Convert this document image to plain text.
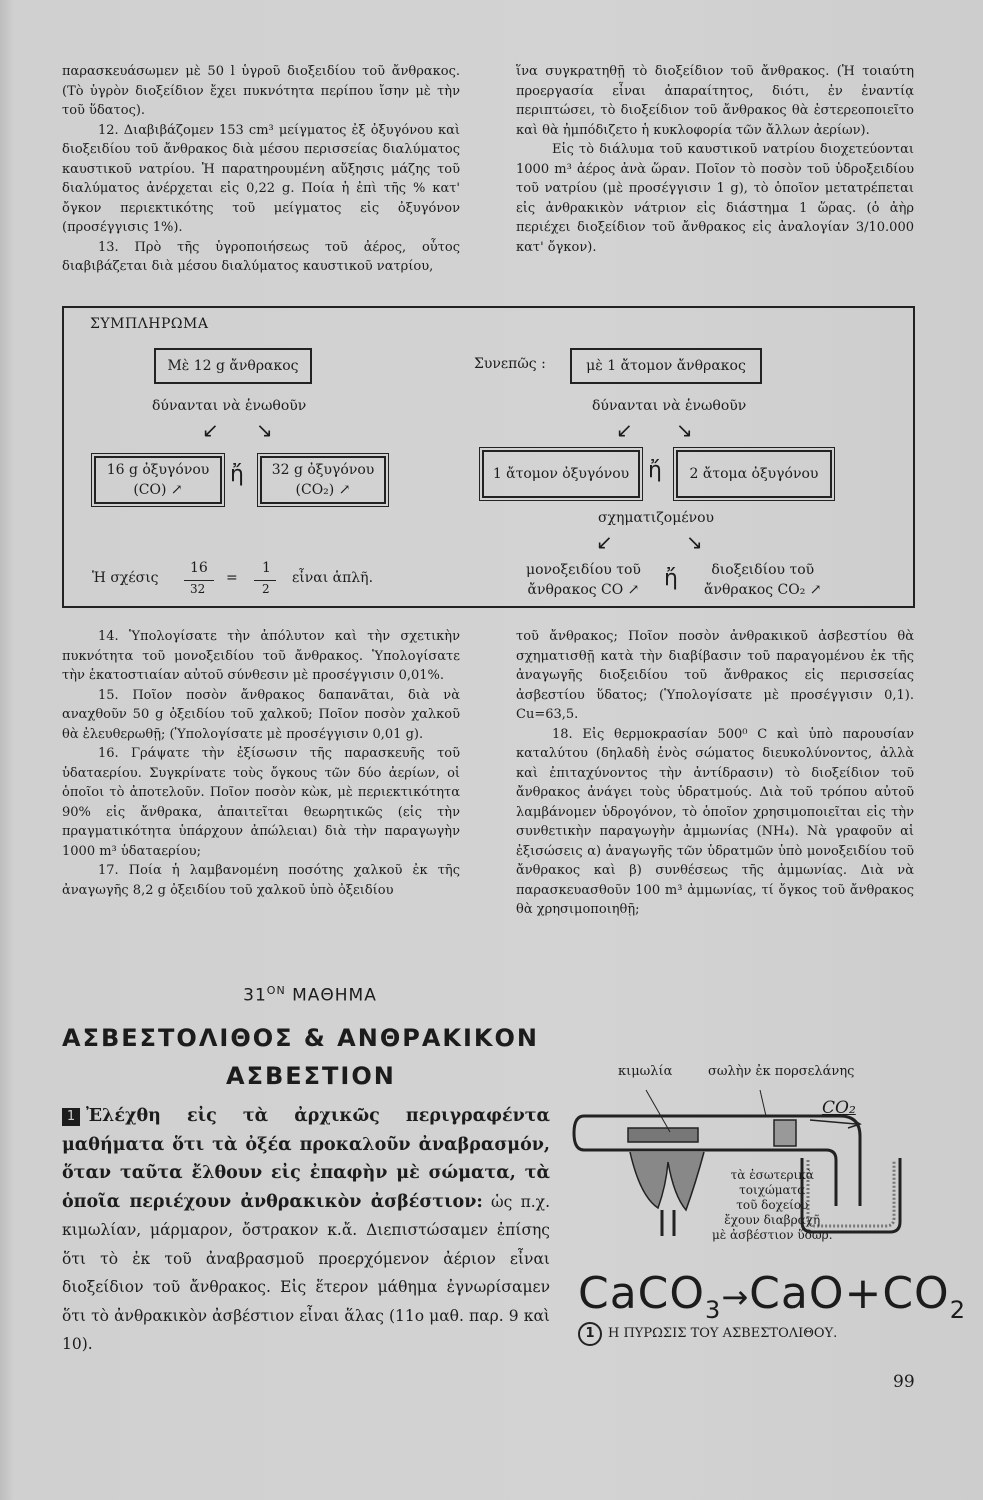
παρασκευάσωμεν μὲ 50 l ὑγροῦ διοξειδίου τοῦ ἄνθρακος. (Τὸ ὑγρὸν διοξείδιον ἔχει πυκνότητα περίπου ἴσην μὲ τὴν τοῦ ὕδατος).

12. Διαβιβάζομεν 153 cm³ μείγματος ἐξ ὀξυγόνου καὶ διοξειδίου τοῦ ἄνθρακος διὰ μέσου περισσείας διαλύματος καυστικοῦ νατρίου. Ἡ παρατηρουμένη αὔξησις μάζης τοῦ διαλύματος ἀνέρχεται εἰς 0,22 g. Ποία ἡ ἐπὶ τῆς % κατ' ὄγκον περιεκτικότης τοῦ μείγματος εἰς ὀξυγόνον (προσέγγισις 1%).

13. Πρὸ τῆς ὑγροποιήσεως τοῦ ἀέρος, οὗτος διαβιβάζεται διὰ μέσου διαλύματος καυστικοῦ νατρίου,

ἵνα συγκρατηθῇ τὸ διοξείδιον τοῦ ἄνθρακος. (Ἡ τοιαύτη προεργασία εἶναι ἀπαραίτητος, διότι, ἐν ἐναντίᾳ περιπτώσει, τὸ διοξείδιον τοῦ ἄνθρακος θὰ ἐστερεοποιεῖτο καὶ θὰ ἠμπόδιζετο ἡ κυκλοφορία τῶν ἄλλων ἀερίων).

Εἰς τὸ διάλυμα τοῦ καυστικοῦ νατρίου διοχετεύονται 1000 m³ ἀέρος ἀνὰ ὥραν. Ποῖον τὸ ποσὸν τοῦ ὑδροξειδίου τοῦ νατρίου (μὲ προσέγγισιν 1 g), τὸ ὁποῖον μετατρέπεται εἰς ἀνθρακικὸν νάτριον εἰς διάστημα 1 ὥρας. (ὁ ἀὴρ περιέχει διοξείδιον τοῦ ἄνθρακος εἰς ἀναλογίαν 3/10.000 κατ' ὄγκον).

ΣΥΜΠΛΗΡΩΜΑ
Μὲ 12 g ἄνθρακος
δύνανται νὰ ἑνωθοῦν
↙ ↘
16 g ὀξυγόνου
(CO) ↗
ἤ 32 g ὀξυγόνου
(CO₂) ↗
Ἡ σχέσις
16
32
=
1
2
εἶναι ἁπλῆ.
Συνεπῶς :	μὲ 1 ἄτομον ἄνθρακος
δύνανται νὰ ἑνωθοῦν
↙ ↘
1 ἄτομον ὀξυγόνου ἤ 2 ἄτομα ὀξυγόνου
σχηματιζομένου
↙	↘
μονοξειδίου τοῦ
ἄνθρακος CO ↗ ἤ	διοξειδίου τοῦ
ἄνθρακος CO₂ ↗

14. Ὑπολογίσατε τὴν ἀπόλυτον καὶ τὴν σχετικὴν πυκνότητα τοῦ μονοξειδίου τοῦ ἄνθρακος. Ὑπολογίσατε τὴν ἑκατοστιαίαν αὐτοῦ σύνθεσιν μὲ προσέγγισιν 0,01%.

15. Ποῖον ποσὸν ἄνθρακος δαπανᾶται, διὰ νὰ αναχθοῦν 50 g ὀξειδίου τοῦ χαλκοῦ; Ποῖον ποσὸν χαλκοῦ θὰ ἐλευθερωθῇ; (Ὑπολογίσατε μὲ προσέγγισιν 0,01 g).

16. Γράψατε τὴν ἐξίσωσιν τῆς παρασκευῆς τοῦ ὑδαταερίου. Συγκρίνατε τοὺς ὄγκους τῶν δύο ἀερίων, οἱ ὁποῖοι τὸ ἀποτελοῦν. Ποῖον ποσὸν κὼκ, μὲ περιεκτικότητα 90% εἰς ἄνθρακα, ἀπαιτεῖται θεωρητικῶς (εἰς τὴν πραγματικότητα ὑπάρχουν ἀπώλειαι) διὰ τὴν παραγωγὴν 1000 m³ ὑδαταερίου;

17. Ποία ἡ λαμβανομένη ποσότης χαλκοῦ ἐκ τῆς ἀναγωγῆς 8,2 g ὀξειδίου τοῦ χαλκοῦ ὑπὸ ὀξειδίου

τοῦ ἄνθρακος; Ποῖον ποσὸν ἀνθρακικοῦ ἀσβεστίου θὰ σχηματισθῇ κατὰ τὴν διαβίβασιν τοῦ παραγομένου ἐκ τῆς ἀναγωγῆς διοξειδίου τοῦ ἄνθρακος εἰς περισσείας ἀσβεστίου ὕδατος; (Ὑπολογίσατε μὲ προσέγγισιν 0,1). Cu=63,5.

18. Εἰς θερμοκρασίαν 500⁰ C καὶ ὑπὸ παρουσίαν καταλύτου (δηλαδὴ ἑνὸς σώματος διευκολύνοντος, ἀλλὰ καὶ ἐπιταχύνοντος τὴν ἀντίδρασιν) τὸ διοξείδιον τοῦ ἄνθρακος ἀνάγει τοὺς ὑδρατμούς. Διὰ τοῦ τρόπου αὐτοῦ λαμβάνομεν ὑδρογόνον, τὸ ὁποῖον χρησιμοποιεῖται εἰς τὴν συνθετικὴν παραγωγὴν ἀμμωνίας (NH₄). Νὰ γραφοῦν αἱ ἐξισώσεις α) ἀναγωγῆς τῶν ὑδρατμῶν ὑπὸ μονοξειδίου τοῦ ἄνθρακος καὶ β) συνθέσεως τῆς ἀμμωνίας. Διὰ νὰ παρασκευασθοῦν 100 m³ ἀμμωνίας, τί ὄγκος τοῦ ἄνθρακος θὰ χρησιμοποιηθῇ;

$31^{ON}$ ΜΑΘΗΜΑ
ΑΣΒΕΣΤΟΛΙΘΟΣ & ΑΝΘΡΑΚΙΚΟΝ
ΑΣΒΕΣΤΙΟΝ
1 Ἐλέχθη εἰς τὰ ἀρχικῶς περιγραφέντα μαθήματα ὅτι τὰ ὀξέα προκαλοῦν ἀναβρασμόν, ὅταν ταῦτα ἔλθουν εἰς ἐπαφὴν μὲ σώματα, τὰ ὁποῖα περιέχουν ἀνθρακικὸν ἀσβέστιον: ὡς π.χ. κιμωλίαν, μάρμαρον, ὄστρακον κ.ἄ. Διεπιστώσαμεν ἐπίσης ὅτι τὸ ἐκ τοῦ ἀναβρασμοῦ προερχόμενον ἀέριον εἶναι διοξείδιον τοῦ ἄνθρακος. Εἰς ἕτερον μάθημα ἐγνωρίσαμεν ὅτι τὸ ἀνθρακικὸν ἀσβέστιον εἶναι ἅλας (11ο μαθ. παρ. 9 καὶ 10).
κιμωλία	σωλὴν ἐκ πορσελάνης
CO₂
τὰ ἐσωτερικὰ
τοιχώματα
τοῦ δοχείου
ἔχουν διαβραχῆ
μὲ ἀσβέστιον ὕδωρ.
$CaCO_3\to CaO+CO_2$
1 Η ΠΥΡΩΣΙΣ ΤΟΥ ΑΣΒΕΣΤΟΛΙΘΟΥ.
99
